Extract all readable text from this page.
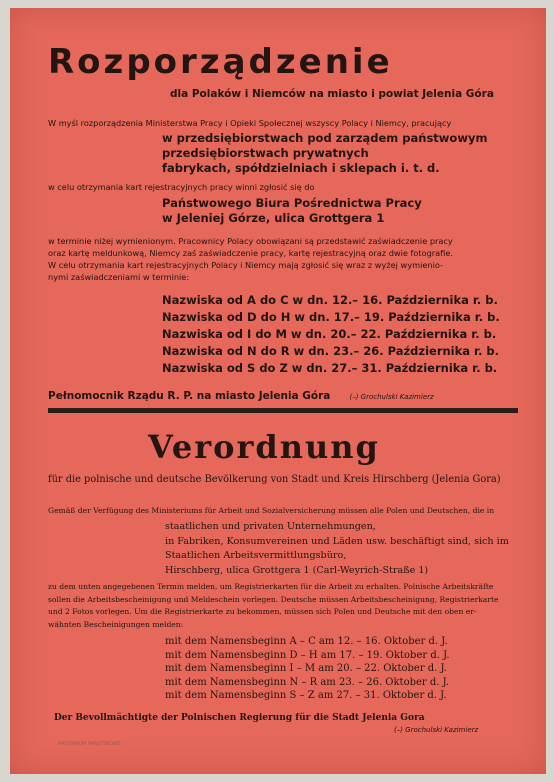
Rozporządzenie
dla Polaków i Niemców na miasto i powiat Jelenia Góra
W myśl rozporządzenia Ministerstwa Pracy i Opieki Społecznej wszyscy Polacy i Niemcy, pracujący
w przedsiębiorstwach pod zarządem państwowym
przedsiębiorstwach prywatnych
fabrykach, spółdzielniach i sklepach i. t. d.
w celu otrzymania kart rejestracyjnych pracy winni zgłosić się do
Państwowego Biura Pośrednictwa Pracy
w Jeleniej Górze, ulica Grottgera 1
w terminie niżej wymienionym. Pracownicy Polacy obowiązani są przedstawić zaświadczenie pracy
oraz kartę meldunkową, Niemcy zaś zaświadczenie pracy, kartę rejestracyjną oraz dwie fotografie.
W celu otrzymania kart rejestracyjnych Polacy i Niemcy mają zgłosić się wraz z wyżej wymienio-
nymi zaświadczeniami w terminie:
Nazwiska od A do C w dn. 12.– 16. Października r. b.
Nazwiska od D do H w dn. 17.– 19. Października r. b.
Nazwiska od I do M w dn. 20.– 22. Października r. b.
Nazwiska od N do R w dn. 23.– 26. Października r. b.
Nazwiska od S do Z w dn. 27.– 31. Października r. b.
Pełnomocnik Rządu R. P. na miasto Jelenia Góra	(–) Grochulski Kazimierz
Verordnung
für die polnische und deutsche Bevölkerung von Stadt und Kreis Hirschberg (Jelenia Gora)
Gemäß der Verfügung des Ministeriums für Arbeit und Sozialversicherung müssen alle Polen und Deutschen, die in
staatlichen und privaten Unternehmungen,
in Fabriken, Konsumvereinen und Läden usw. beschäftigt sind, sich im
Staatlichen Arbeitsvermittlungsbüro,
Hirschberg, ulica Grottgera 1 (Carl-Weyrich-Straße 1)
zu dem unten angegebenen Termin melden, um Registrierkarten für die Arbeit zu erhalten. Polnische Arbeitskräfte
sollen die Arbeitsbescheinigung und Meldeschein vorlegen. Deutsche müssen Arbeitsbescheinigung, Registrierkarte
und 2 Fotos vorlegen. Um die Registrierkarte zu bekommen, müssen sich Polen und Deutsche mit den oben er-
wähnten Bescheinigungen melden:
mit dem Namensbeginn A – C am 12. – 16. Oktober d. J.
mit dem Namensbeginn D – H am 17. – 19. Oktober d. J.
mit dem Namensbeginn I – M am 20. – 22. Oktober d. J.
mit dem Namensbeginn N – R am 23. – 26. Oktober d. J.
mit dem Namensbeginn S – Z am 27. – 31. Oktober d. J.
Der Bevollmächtigte der Polnischen Regierung für die Stadt Jelenia Gora
(–) Grochulski Kazimierz
ARCHIWUM PAŃSTWOWE
